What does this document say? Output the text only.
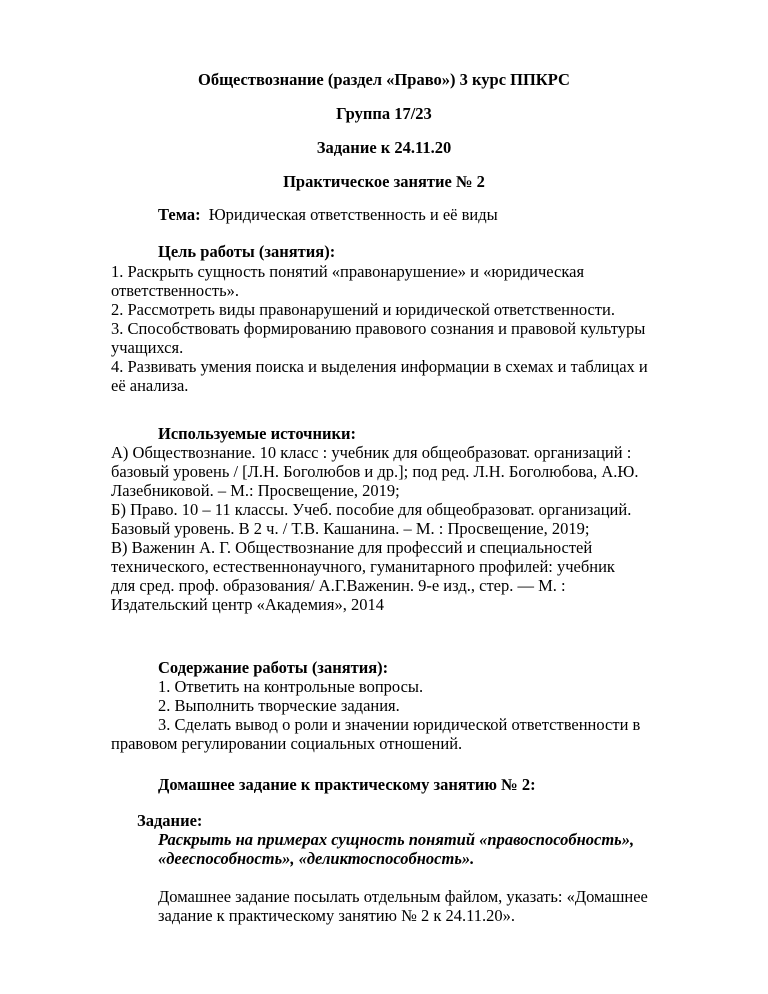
Обществознание (раздел «Право») 3 курс ППКРС
Группа 17/23
Задание к 24.11.20
Практическое занятие № 2
Тема: Юридическая ответственность и её виды
Цель работы (занятия):
1. Раскрыть сущность понятий «правонарушение» и «юридическая
ответственность».
2. Рассмотреть виды правонарушений и юридической ответственности.
3. Способствовать формированию правового сознания и правовой культуры
учащихся.
4. Развивать умения поиска и выделения информации в схемах и таблицах и
её анализа.
Используемые источники:
А) Обществознание. 10 класс : учебник для общеобразоват. организаций :
базовый уровень / [Л.Н. Боголюбов и др.]; под ред. Л.Н. Боголюбова, А.Ю.
Лазебниковой. – М.: Просвещение, 2019;
Б) Право. 10 – 11 классы. Учеб. пособие для общеобразоват. организаций.
Базовый уровень. В 2 ч. / Т.В. Кашанина. – М. : Просвещение, 2019;
В) Важенин А. Г. Обществознание для профессий и специальностей
технического, естественнонаучного, гуманитарного профилей: учебник
для сред. проф. образования/ А.Г.Важенин. 9-е изд., стер. — М. :
Издательский центр «Академия», 2014
Содержание работы (занятия):
1. Ответить на контрольные вопросы.
2. Выполнить творческие задания.
3. Сделать вывод о роли и значении юридической ответственности в
правовом регулировании социальных отношений.
Домашнее задание к практическому занятию № 2:
Задание:
Раскрыть на примерах сущность понятий «правоспособность»,
«дееспособность», «деликтоспособность».
Домашнее задание посылать отдельным файлом, указать: «Домашнее
задание к практическому занятию № 2 к 24.11.20».
